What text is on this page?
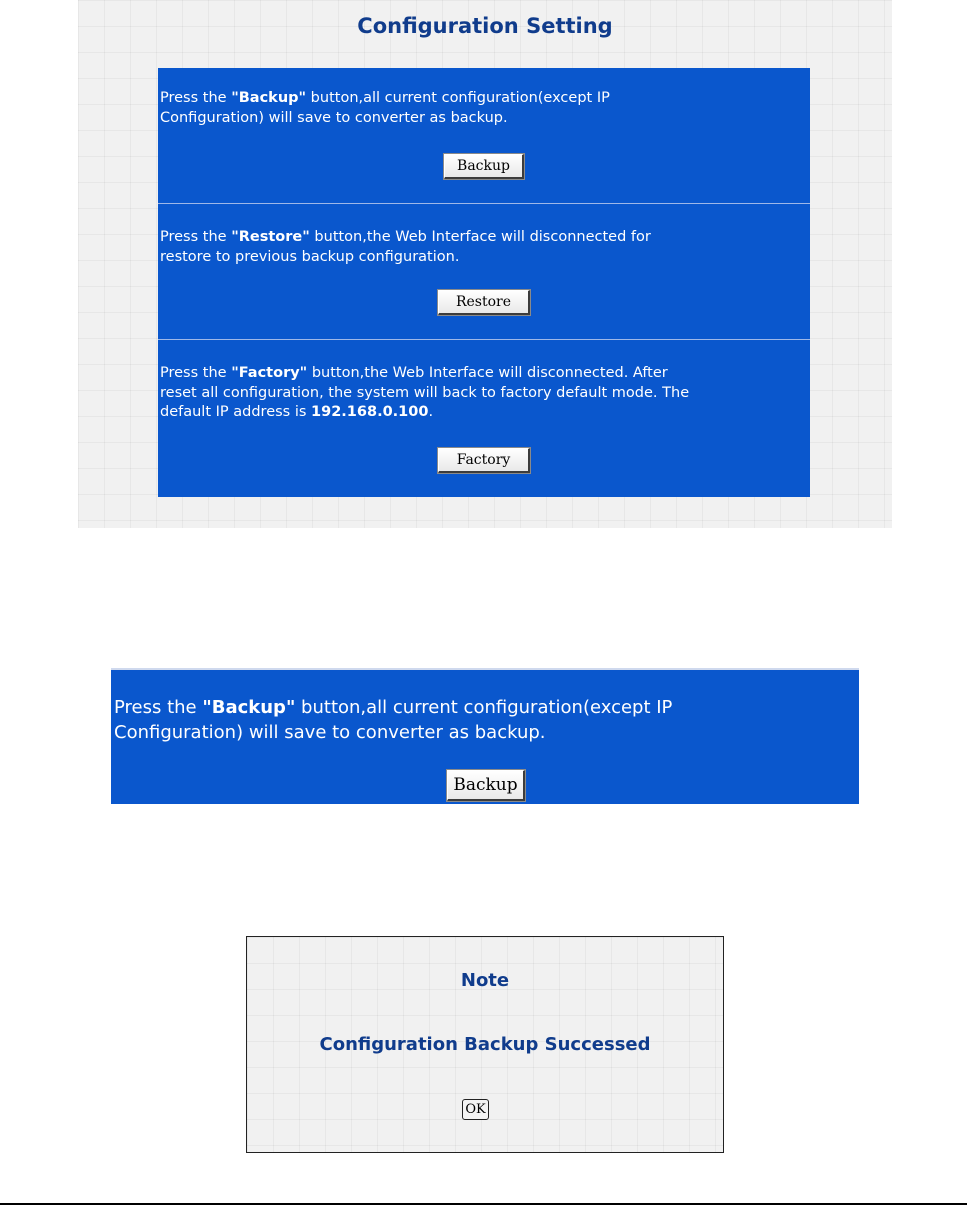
Configuration Setting

Press the "Backup" button,all current configuration(except IP
Configuration) will save to converter as backup.

Backup

Press the "Restore" button,the Web Interface will disconnected for
restore to previous backup configuration.

Restore

Press the "Factory" button,the Web Interface will disconnected. After
reset all configuration, the system will back to factory default mode. The
default IP address is 192.168.0.100.

Factory

Press the "Backup" button,all current configuration(except IP
Configuration) will save to converter as backup.

Backup
Note
Configuration Backup Successed
OK
